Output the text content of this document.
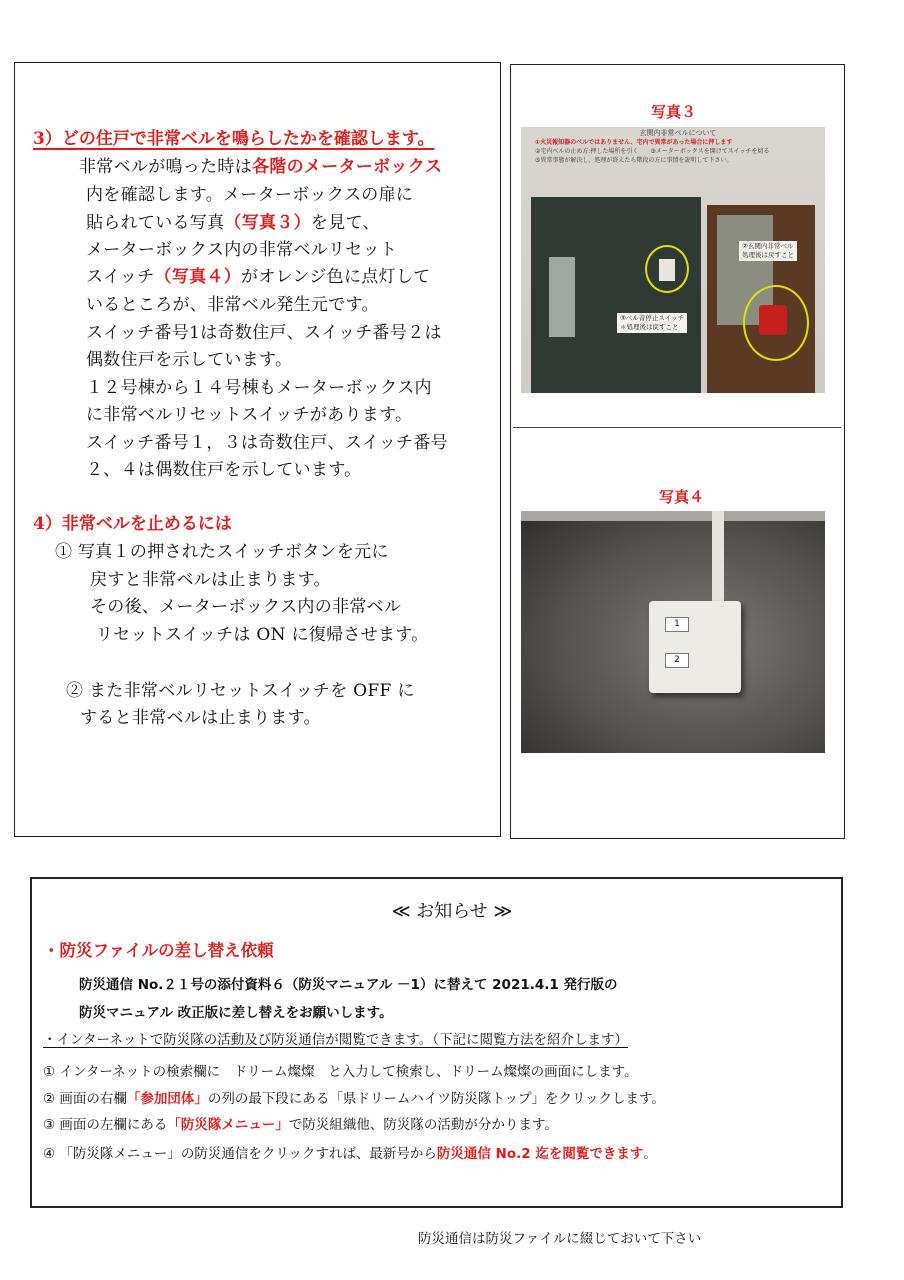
3）どの住戸で非常ベルを鳴らしたかを確認します。
非常ベルが鳴った時は各階のメーターボックス
内を確認します。メーターボックスの扉に
貼られている写真（写真３）を見て、
メーターボックス内の非常ベルリセット
スイッチ（写真４）がオレンジ色に点灯して
いるところが、非常ベル発生元です。
スイッチ番号1は奇数住戸、スイッチ番号２は
偶数住戸を示しています。
１２号棟から１４号棟もメーターボックス内
に非常ベルリセットスイッチがあります。
スイッチ番号１，３は奇数住戸、スイッチ番号
２、４は偶数住戸を示しています。
4）非常ベルを止めるには
① 写真１の押されたスイッチボタンを元に
戻すと非常ベルは止まります。
その後、メーターボックス内の非常ベル
リセットスイッチは ON に復帰させます。
② また非常ベルリセットスイッチを OFF に
すると非常ベルは止まります。
写真３
玄関内非常ベルについて
①火災報知器のベルではありません、宅内で異常があった場合に押します
②宅内ベルの止め方:押した場所を引く　　③メーターボックスを開けてスイッチを切る
⑤異常事態が解決し、処理が終えたら階段の方に事情を説明して下さい。
②玄関内非常ベル
処理後は戻すこと
③ベル音停止スイッチ
＊処理後は戻すこと
写真４
1
2
≪ お知らせ ≫
・防災ファイルの差し替え依頼
防災通信 No.２１号の添付資料６（防災マニュアル －1）に替えて 2021.4.1 発行版の
防災マニュアル 改正版に差し替えをお願いします。
・インターネットで防災隊の活動及び防災通信が閲覧できます。（下記に閲覧方法を紹介します）
① インターネットの検索欄に　ドリーム燦燦　と入力して検索し、ドリーム燦燦の画面にします。
② 画面の右欄「参加団体」の列の最下段にある「県ドリームハイツ防災隊トップ」をクリックします。
③ 画面の左欄にある「防災隊メニュー」で防災組織他、防災隊の活動が分かります。
④ 「防災隊メニュー」の防災通信をクリックすれば、最新号から防災通信 No.2 迄を閲覧できます。
防災通信は防災ファイルに綴じておいて下さい
